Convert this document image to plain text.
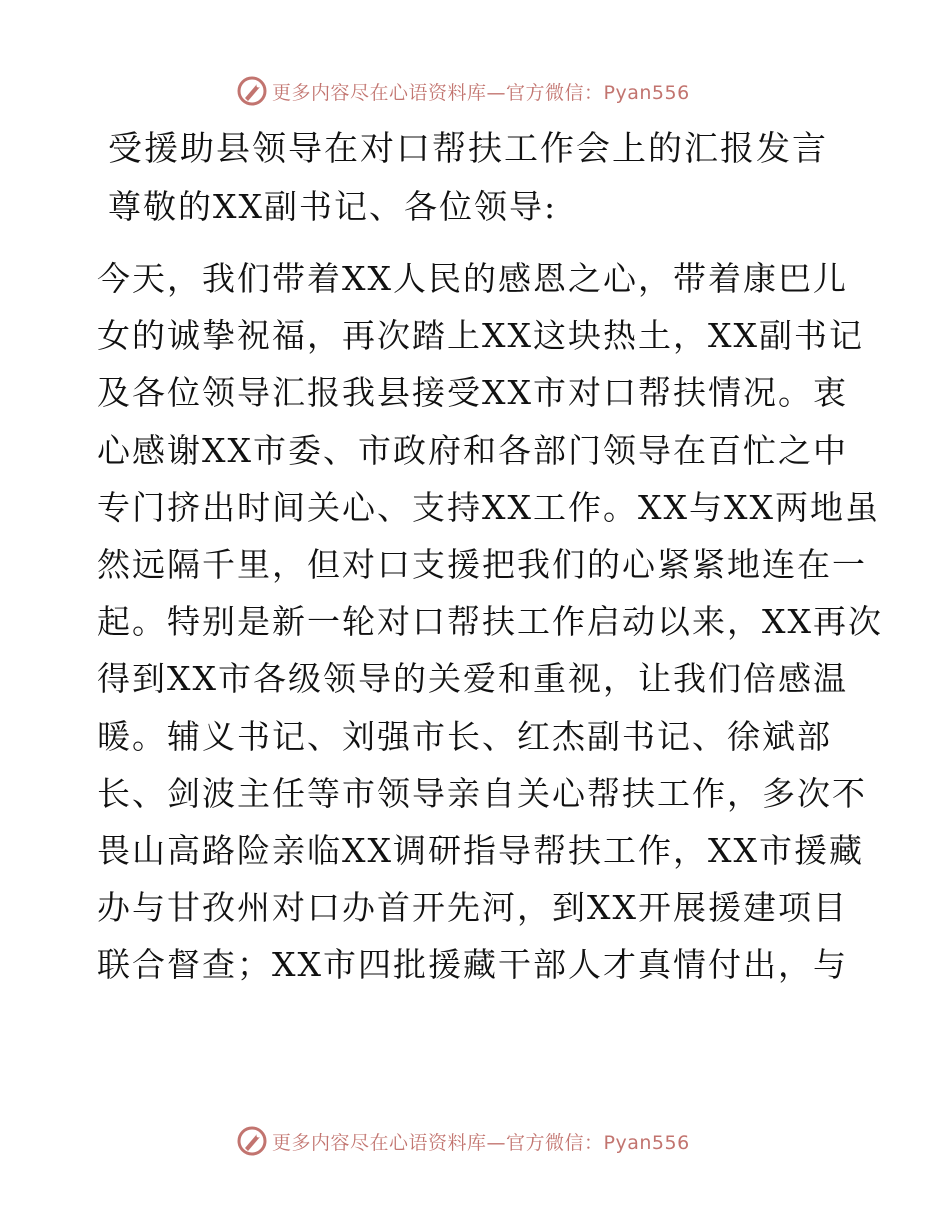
更多内容尽在心语资料库—官方微信：Pyan556
受援助县领导在对口帮扶工作会上的汇报发言

尊敬的XX副书记、各位领导:

今天，我们带着XX人民的感恩之心，带着康巴儿
女的诚挚祝福，再次踏上XX这块热土，XX副书记
及各位领导汇报我县接受XX市对口帮扶情况。衷
心感谢XX市委、市政府和各部门领导在百忙之中
专门挤出时间关心、支持XX工作。XX与XX两地虽
然远隔千里，但对口支援把我们的心紧紧地连在一
起。特别是新一轮对口帮扶工作启动以来，XX再次
得到XX市各级领导的关爱和重视，让我们倍感温
暖。辅义书记、刘强市长、红杰副书记、徐斌部
长、剑波主任等市领导亲自关心帮扶工作，多次不
畏山高路险亲临XX调研指导帮扶工作，XX市援藏
办与甘孜州对口办首开先河，到XX开展援建项目
联合督查；XX市四批援藏干部人才真情付出，与
更多内容尽在心语资料库—官方微信：Pyan556
